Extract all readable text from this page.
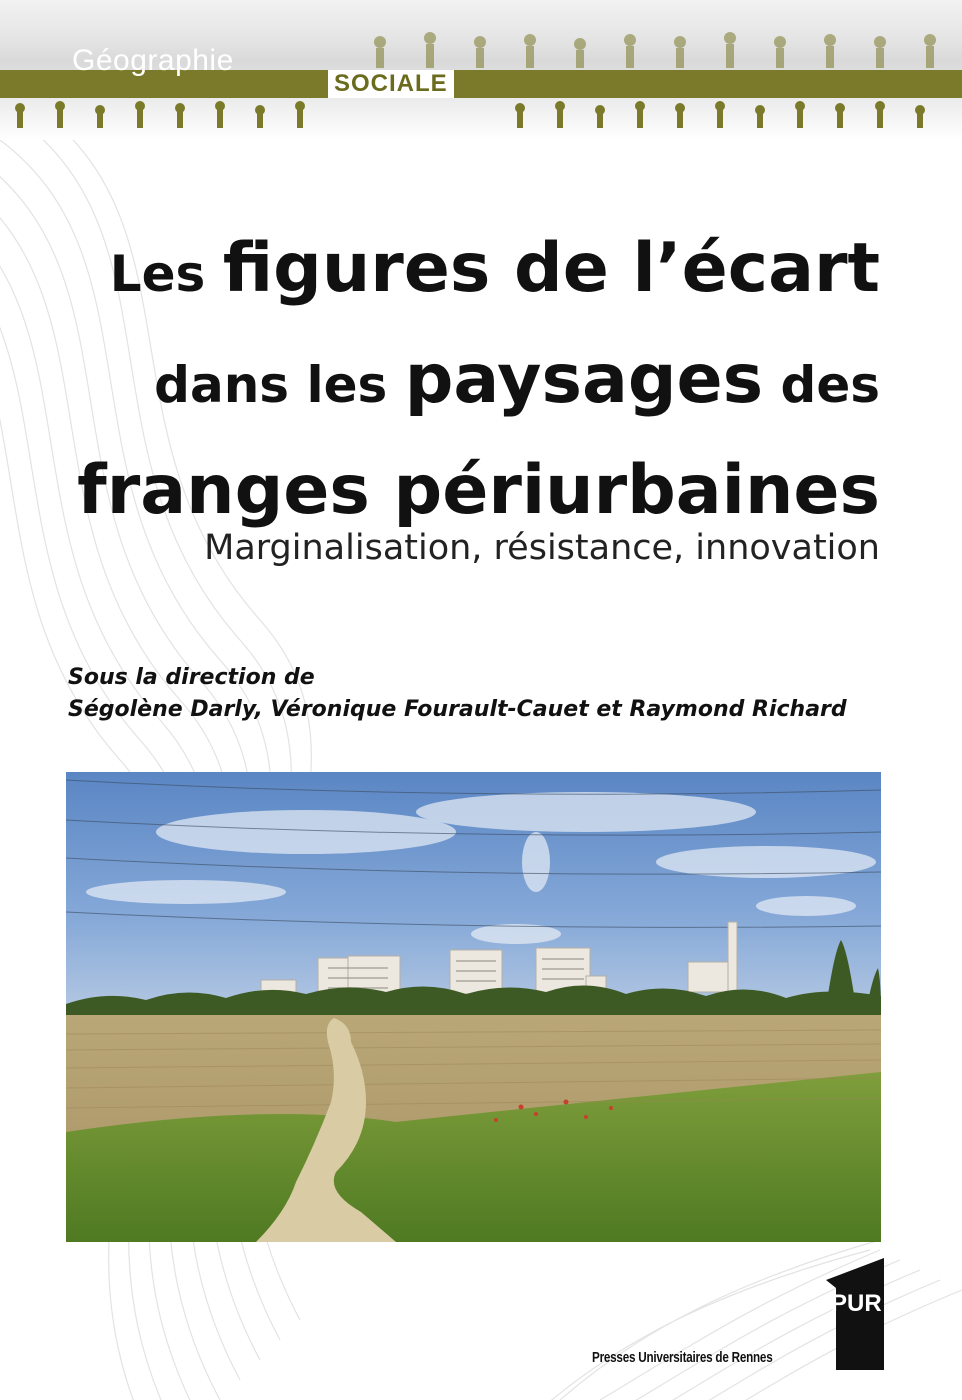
Géographie
SOCIALE
Les figures de l’écart
dans les paysages des
franges périurbaines
Marginalisation, résistance, innovation
Sous la direction de
Ségolène Darly, Véronique Fourault-Cauet et Raymond Richard
PUR
Presses Universitaires de Rennes
